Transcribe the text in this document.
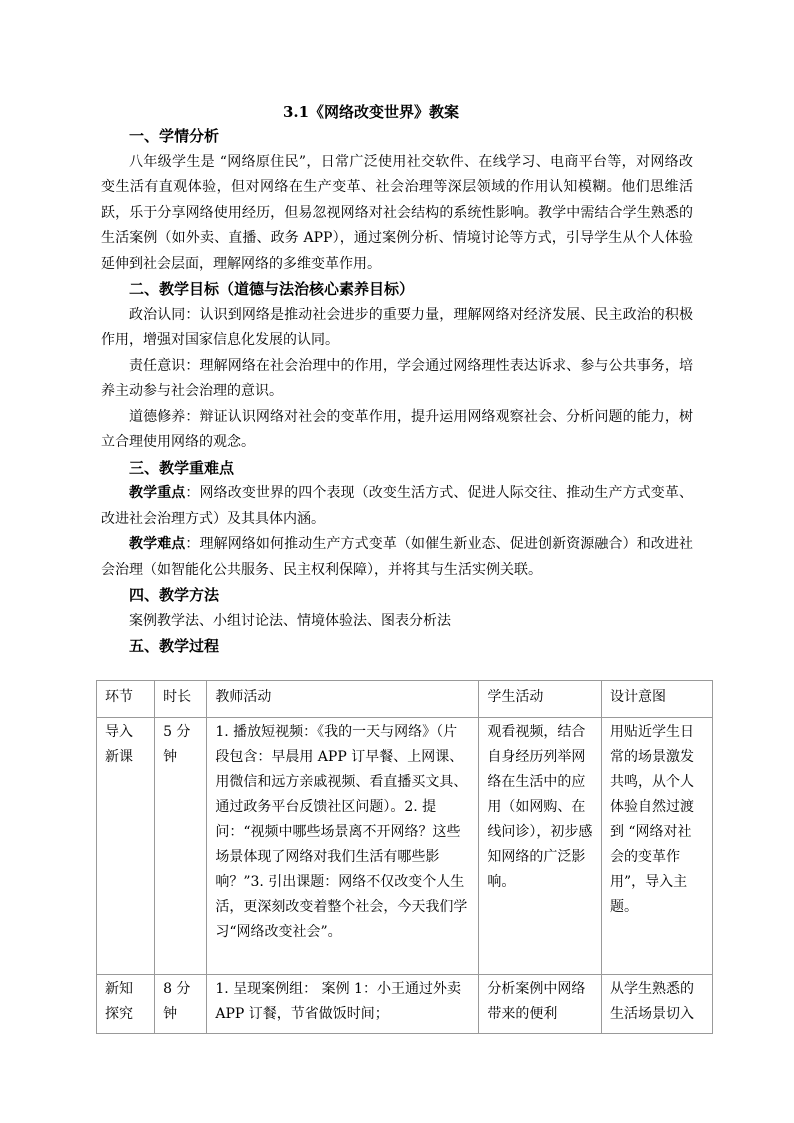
3.1《网络改变世界》教案

一、学情分析

八年级学生是 “网络原住民”，日常广泛使用社交软件、在线学习、电商平台等，对网络改变生活有直观体验，但对网络在生产变革、社会治理等深层领域的作用认知模糊。他们思维活跃，乐于分享网络使用经历，但易忽视网络对社会结构的系统性影响。教学中需结合学生熟悉的生活案例（如外卖、直播、政务 APP），通过案例分析、情境讨论等方式，引导学生从个人体验延伸到社会层面，理解网络的多维变革作用。

二、教学目标（道德与法治核心素养目标）

政治认同：认识到网络是推动社会进步的重要力量，理解网络对经济发展、民主政治的积极作用，增强对国家信息化发展的认同。

责任意识：理解网络在社会治理中的作用，学会通过网络理性表达诉求、参与公共事务，培养主动参与社会治理的意识。

道德修养：辩证认识网络对社会的变革作用，提升运用网络观察社会、分析问题的能力，树立合理使用网络的观念。

三、教学重难点

教学重点：网络改变世界的四个表现（改变生活方式、促进人际交往、推动生产方式变革、改进社会治理方式）及其具体内涵。

教学难点：理解网络如何推动生产方式变革（如催生新业态、促进创新资源融合）和改进社会治理（如智能化公共服务、民主权利保障），并将其与生活实例关联。

四、教学方法

案例教学法、小组讨论法、情境体验法、图表分析法

五、教学过程

环节	时长	教师活动	学生活动	设计意图
导入新课	5 分钟	1. 播放短视频：《我的一天与网络》（片段包含：早晨用 APP 订早餐、上网课、用微信和远方亲戚视频、看直播买文具、通过政务平台反馈社区问题）。2. 提问：“视频中哪些场景离不开网络？这些场景体现了网络对我们生活有哪些影响？”3. 引出课题：网络不仅改变个人生活，更深刻改变着整个社会，今天我们学习“网络改变社会”。	观看视频，结合自身经历列举网络在生活中的应用（如网购、在线问诊），初步感知网络的广泛影响。	用贴近学生日常的场景激发共鸣，从个人体验自然过渡到 “网络对社会的变革作用”，导入主题。
新知探究	8 分钟	1. 呈现案例组： 案例 1：小王通过外卖 APP 订餐，节省做饭时间；	分析案例中网络带来的便利	从学生熟悉的生活场景切入
